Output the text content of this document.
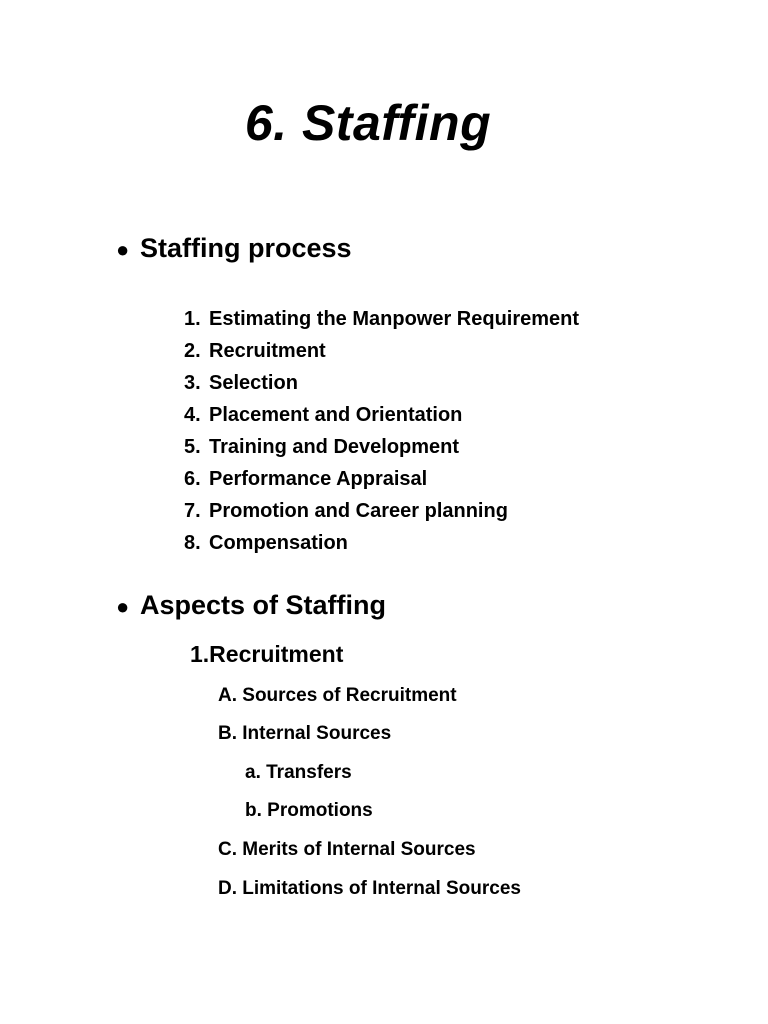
6. Staffing
● Staffing process
1. Estimating the Manpower Requirement
2. Recruitment
3. Selection
4. Placement and Orientation
5. Training and Development
6. Performance Appraisal
7. Promotion and Career planning
8. Compensation
● Aspects of Staffing
1.Recruitment
A. Sources of Recruitment
B. Internal Sources
a. Transfers
b. Promotions
C. Merits of Internal Sources
D. Limitations of Internal Sources
